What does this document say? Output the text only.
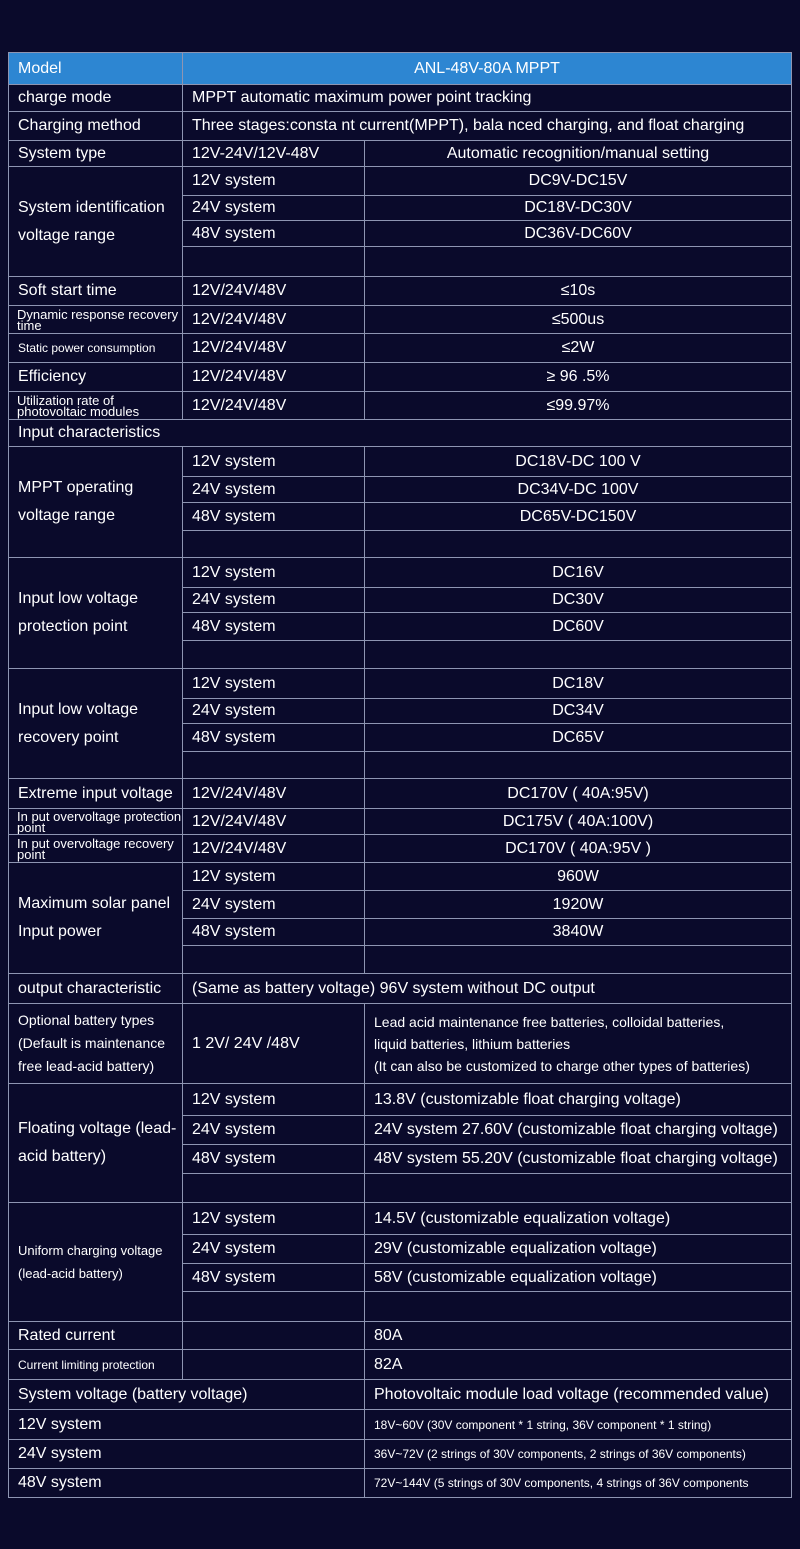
Model	ANL-48V-80A MPPT	
charge mode	MPPT automatic maximum power point tracking	
Charging method	Three stages:consta nt current(MPPT), bala nced charging, and float charging	
System type	12V-24V/12V-48V	Automatic recognition/manual setting
System identification voltage range	12V system	DC9V-DC15V
	24V system	DC18V-DC30V
	48V system	DC36V-DC60V

Soft start time	12V/24V/48V	≤10s
Dynamic response recovery time	12V/24V/48V	≤500us
Static power consumption	12V/24V/48V	≤2W
Efficiency	12V/24V/48V	≥ 96 .5%
Utilization rate of photovoltaic modules	12V/24V/48V	≤99.97%
Input characteristics		
MPPT operating voltage range	12V system	DC18V-DC 100 V
	24V system	DC34V-DC 100V
	48V system	DC65V-DC150V

Input low voltage protection point	12V system	DC16V
	24V system	DC30V
	48V system	DC60V

Input low voltage recovery point	12V system	DC18V
	24V system	DC34V
	48V system	DC65V

Extreme input voltage	12V/24V/48V	DC170V ( 40A:95V)
In put overvoltage protection point	12V/24V/48V	DC175V ( 40A:100V)
In put overvoltage recovery point	12V/24V/48V	DC170V ( 40A:95V )
Maximum solar panel Input power	12V system	960W
	24V system	1920W
	48V system	3840W

output characteristic	(Same as battery voltage) 96V system without DC output	
Optional battery types (Default is maintenance free lead-acid battery)	1 2V/ 24V /48V	Lead acid maintenance free batteries, colloidal batteries,
liquid batteries, lithium batteries
(It can also be customized to charge other types of batteries)

Floating voltage (lead-acid battery)	12V system	13.8V (customizable float charging voltage)
	24V system	24V system 27.60V (customizable float charging voltage)
	48V system	48V system 55.20V (customizable float charging voltage)

Uniform charging voltage (lead-acid battery)	12V system	14.5V (customizable equalization voltage)
	24V system	29V (customizable equalization voltage)
	48V system	58V (customizable equalization voltage)

Rated current		80A
Current limiting protection		82A
System voltage (battery voltage)		Photovoltaic module load voltage (recommended value)
12V system		18V~60V (30V component * 1 string, 36V component * 1 string)
24V system		36V~72V (2 strings of 30V components, 2 strings of 36V components)
48V system		72V~144V (5 strings of 30V components, 4 strings of 36V components
